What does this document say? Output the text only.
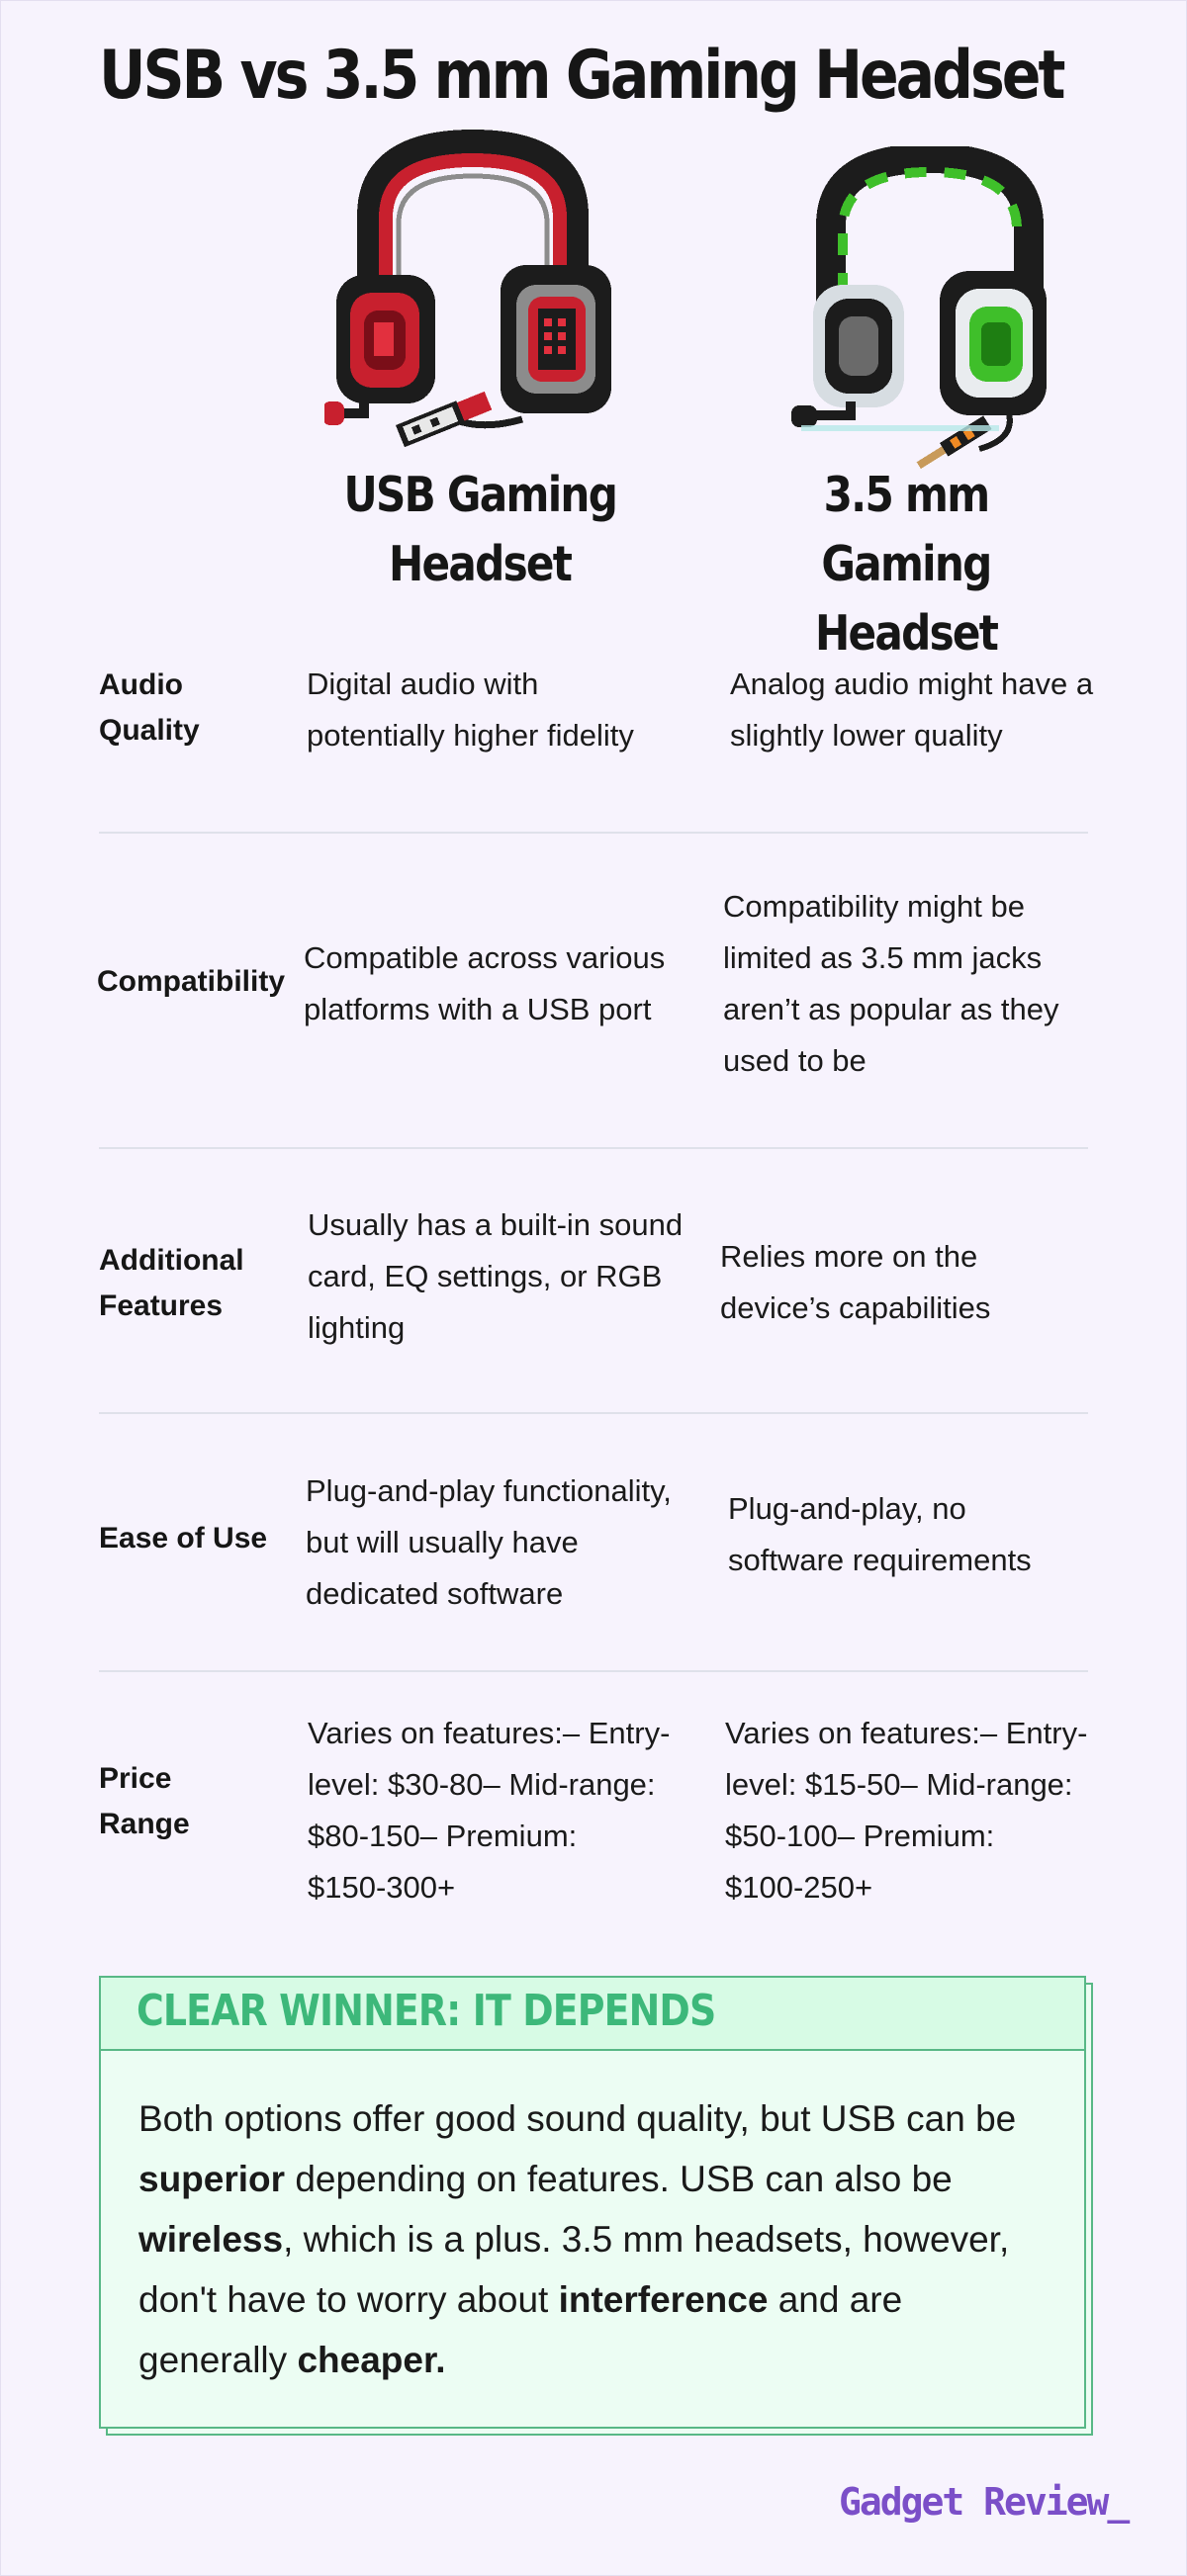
USB vs 3.5 mm Gaming Headset
USB Gaming
Headset
3.5 mm Gaming
Headset
Audio
Quality
Digital audio with
potentially higher fidelity
Analog audio might have a
slightly lower quality
Compatibility
Compatible across various
platforms with a USB port
Compatibility might be
limited as 3.5 mm jacks
aren’t as popular as they
used to be
Additional
Features
Usually has a built-in sound
card, EQ settings, or RGB
lighting
Relies more on the
device’s capabilities
Ease of Use
Plug-and-play functionality,
but will usually have
dedicated software
Plug-and-play, no
software requirements
Price
Range
Varies on features:– Entry-
level: $30-80– Mid-range:
$80-150– Premium:
$150-300+
Varies on features:– Entry-
level: $15-50– Mid-range:
$50-100– Premium:
$100-250+
CLEAR WINNER: IT DEPENDS
Both options offer good sound quality, but USB can be superior depending on features. USB can also be wireless, which is a plus. 3.5 mm headsets, however, don't have to worry about interference and are generally cheaper.
Gadget Review_
